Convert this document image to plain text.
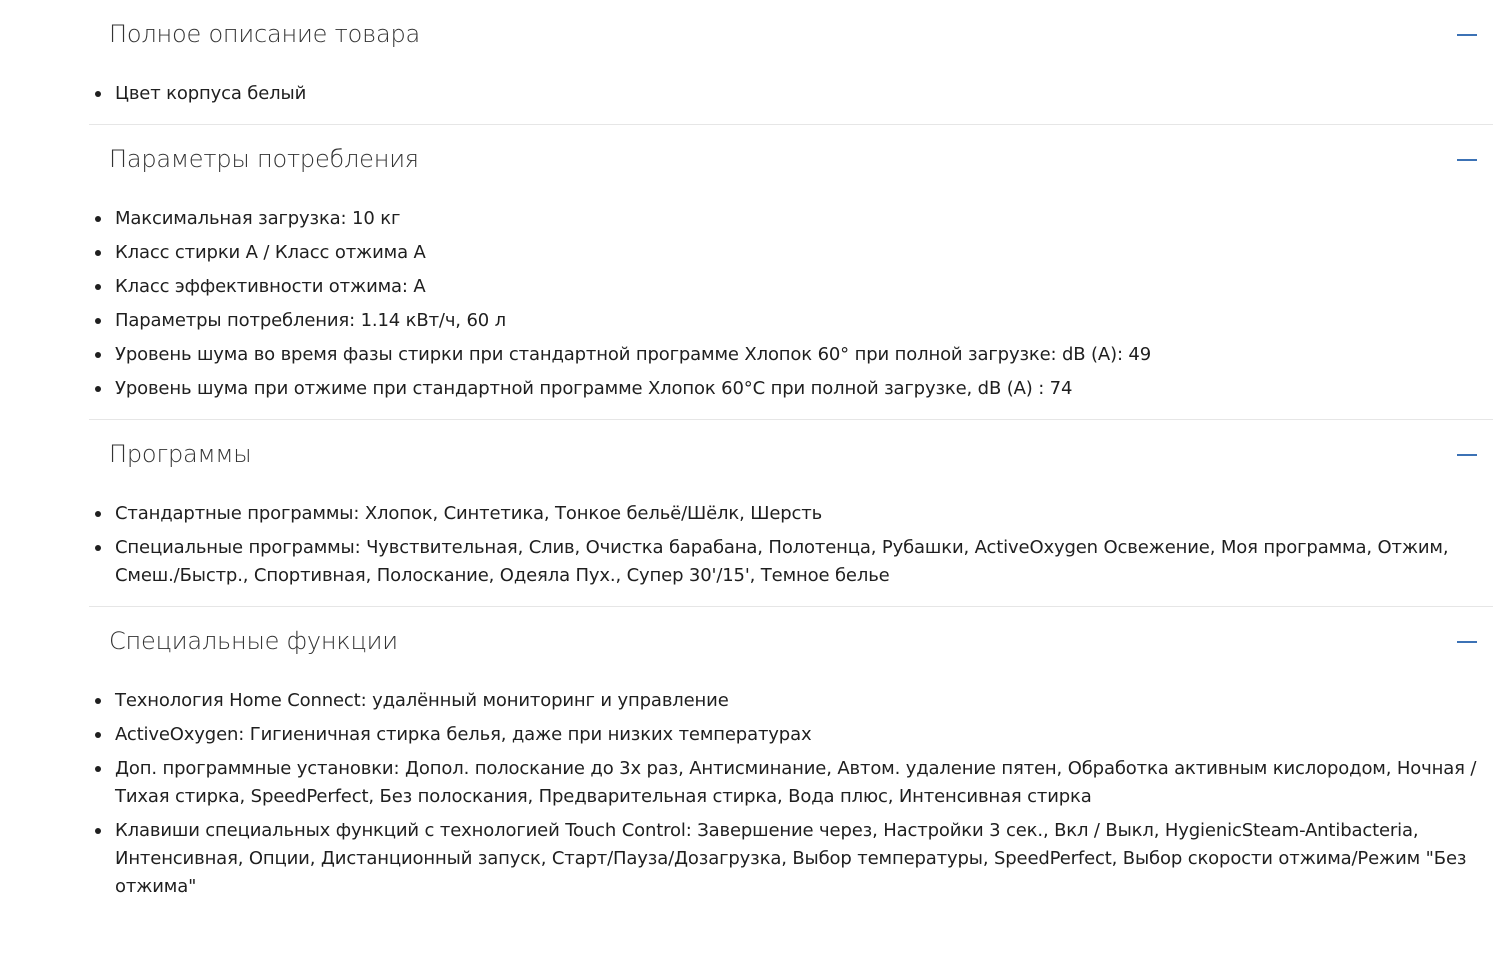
Полное описание товара
Цвет корпуса белый
Параметры потребления
Максимальная загрузка: 10 кг
Класс стирки A / Класс отжима A
Класс эффективности отжима: A
Параметры потребления: 1.14 кВт/ч, 60 л
Уровень шума во время фазы стирки при стандартной программе Хлопок 60° при полной загрузке: dB (A): 49
Уровень шума при отжиме при стандартной программе Хлопок 60°C при полной загрузке, dB (A) : 74
Программы
Стандартные программы: Хлопок, Синтетика, Тонкое бельё/Шёлк, Шерсть
Специальные программы: Чувствительная, Слив, Очистка барабана, Полотенца, Рубашки, ActiveOxygen Освежение, Моя программа, Отжим, Смеш./Быстр., Спортивная, Полоскание, Одеяла Пух., Супер 30'/15', Темное белье
Специальные функции
Технология Home Connect: удалённый мониторинг и управление
ActiveOxygen: Гигиеничная стирка белья, даже при низких температурах
Доп. программные установки: Допол. полоскание до 3х раз, Антисминание, Автом. удаление пятен, Обработка активным кислородом, Ночная / Тихая стирка, SpeedPerfect, Без полоскания, Предварительная стирка, Вода плюс, Интенсивная стирка
Клавиши специальных функций с технологией Touch Control: Завершение через, Настройки 3 сек., Вкл / Выкл, HygienicSteam-Antibacteria, Интенсивная, Опции, Дистанционный запуск, Старт/Пауза/Дозагрузка, Выбор температуры, SpeedPerfect, Выбор скорости отжима/Режим "Без отжима"
